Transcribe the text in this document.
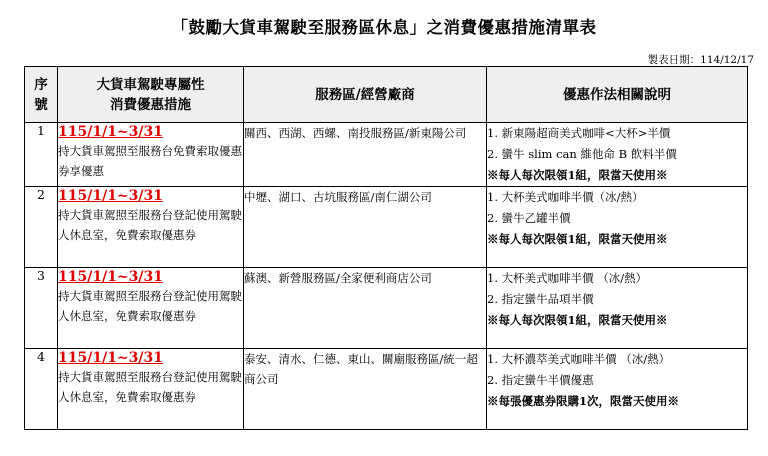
「鼓勵大貨車駕駛至服務區休息」之消費優惠措施清單表
製表日期：114/12/17
序號	大貨車駕駛專屬性
消費優惠措施	服務區/經營廠商	優惠作法相關說明
1	115/1/1~3/31
持大貨車駕照至服務台免費索取優惠券享優惠	關西、西湖、西螺、南投服務區/新東陽公司	1. 新東陽超商美式咖啡<大杯>半價
2. 蠻牛 slim can 維他命 B 飲料半價
※每人每次限領1組，限當天使用※

2	115/1/1~3/31
持大貨車駕照至服務台登記使用駕駛人休息室，免費索取優惠券	中壢、湖口、古坑服務區/南仁湖公司	1. 大杯美式咖啡半價（冰/熱）
2. 蠻牛乙罐半價
※每人每次限領1組，限當天使用※

3	115/1/1~3/31
持大貨車駕照至服務台登記使用駕駛人休息室，免費索取優惠券	蘇澳、新營服務區/全家便利商店公司	1. 大杯美式咖啡半價 （冰/熱）
2. 指定蠻牛品項半價
※每人每次限領1組，限當天使用※

4	115/1/1~3/31
持大貨車駕照至服務台登記使用駕駛人休息室，免費索取優惠券	泰安、清水、仁德、東山、關廟服務區/統一超商公司	1. 大杯濃萃美式咖啡半價 （冰/熱）
2. 指定蠻牛半價優惠
※每張優惠券限購1次，限當天使用※
